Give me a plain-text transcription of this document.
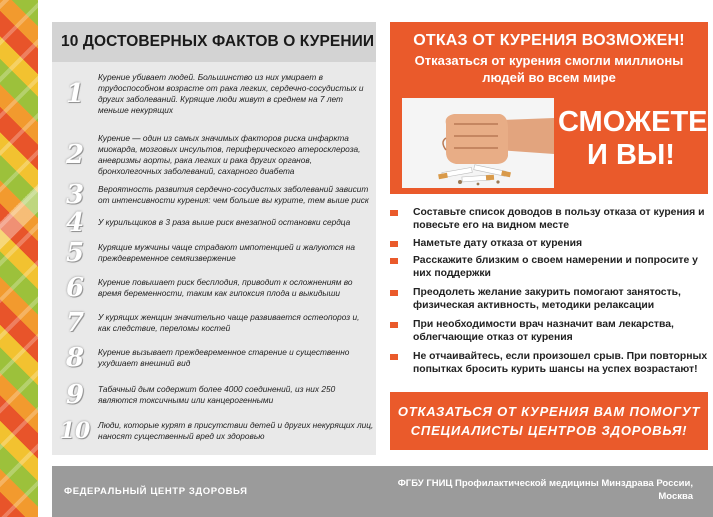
10 ДОСТОВЕРНЫХ ФАКТОВ О КУРЕНИИ
1
Курение убивает людей. Большинство из них умирает в трудоспособном возрасте от рака легких, сердечно-сосудистых и других заболеваний. Курящие люди живут в среднем на 7 лет меньше некурящих
2
Курение — один из самых значимых факторов риска инфаркта миокарда, мозговых инсультов, периферического атеросклероза, аневризмы аорты, рака легких и рака других органов, бронхолегочных заболеваний, сахарного диабета
3	Вероятность развития сердечно-сосудистых заболеваний зависит от интенсивности курения: чем больше вы курите, тем выше риск
4	У курильщиков в 3 раза выше риск внезапной остановки сердца
5	Курящие мужчины чаще страдают импотенцией и жалуются на преждевременное семяизвержение
6	Курение повышает риск бесплодия, приводит к осложнениям во время беременности, таким как гипоксия плода и выкидыши
7	У курящих женщин значительно чаще развивается остеопороз и, как следствие, переломы костей
8	Курение вызывает преждевременное старение и существенно ухудшает внешний вид
9	Табачный дым содержит более 4000 соединений, из них 250 являются токсичными или канцерогенными
10 Люди, которые курят в присутствии детей и других некурящих лиц, наносят существенный вред их здоровью
ОТКАЗ ОТ КУРЕНИЯ ВОЗМОЖЕН!
Отказаться от курения смогли миллионы людей во всем мире
СМОЖЕТЕ
И ВЫ!
Составьте список доводов в пользу отказа от курения и повесьте его на видном месте
Наметьте дату отказа от курения
Расскажите близким о своем намерении и попросите у них поддержки
Преодолеть желание закурить помогают занятость, физическая активность, методики релаксации
При необходимости врач назначит вам лекарства, облегчающие отказ от курения
Не отчаивайтесь, если произошел срыв. При повторных попытках бросить курить шансы на успех возрастают!
ОТКАЗАТЬСЯ ОТ КУРЕНИЯ ВАМ ПОМОГУТ
СПЕЦИАЛИСТЫ ЦЕНТРОВ ЗДОРОВЬЯ!
ФЕДЕРАЛЬНЫЙ ЦЕНТР ЗДОРОВЬЯ
ФГБУ ГНИЦ Профилактической медицины Минздрава России,
Москва
